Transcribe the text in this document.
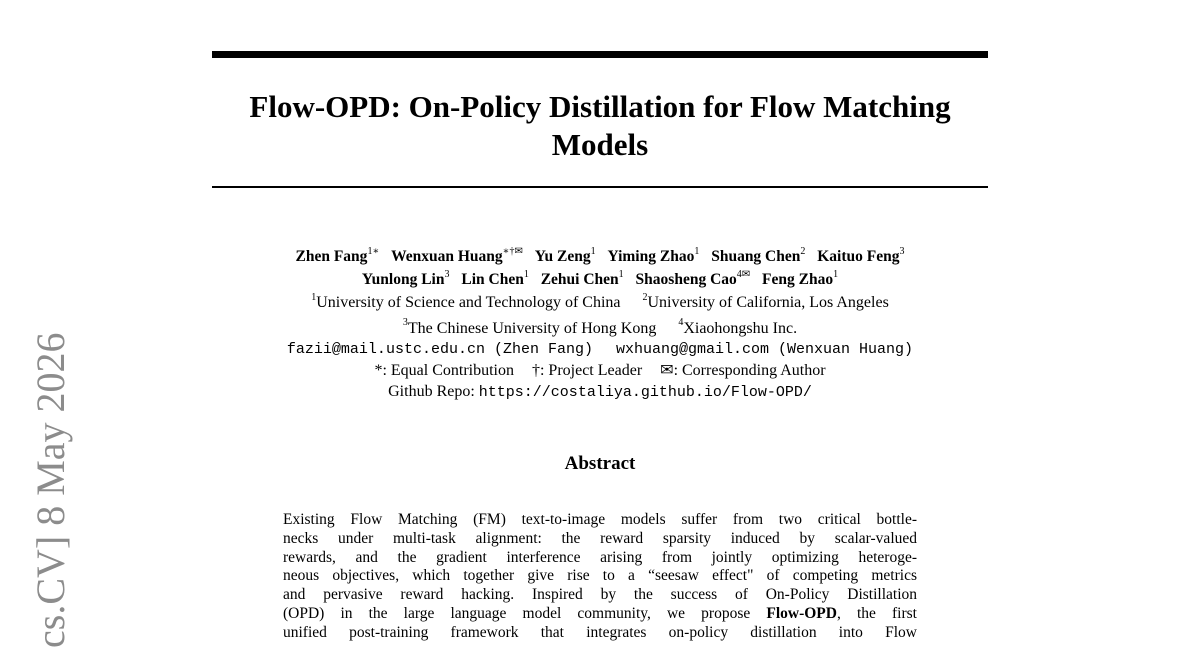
Flow-OPD: On-Policy Distillation for Flow Matching
Models
Zhen Fang$^{1∗}$ Wenxuan Huang∗†✉ Yu Zeng$^1$ Yiming Zhao$^1$ Shuang Chen$^2$ Kaituo Feng$^3$
Yunlong Lin$^3$ Lin Chen$^1$ Zehui Chen$^1$ Shaosheng Cao$^{4✉}$ Feng Zhao$^1$
$^1$University of Science and Technology of China $^2$University of California, Los Angeles
$^3$The Chinese University of Hong Kong $^4$Xiaohongshu Inc.
fazii@mail.ustc.edu.cn (Zhen Fang) wxhuang@gmail.com (Wenxuan Huang)
*: Equal Contribution †: Project Leader ✉: Corresponding Author
Github Repo: https://costaliya.github.io/Flow-OPD/
Abstract
Existing Flow Matching (FM) text-to-image models suffer from two critical bottle-
necks under multi-task alignment: the reward sparsity induced by scalar-valued
rewards, and the gradient interference arising from jointly optimizing heteroge-
neous objectives, which together give rise to a “seesaw effect" of competing metrics
and pervasive reward hacking. Inspired by the success of On-Policy Distillation
(OPD) in the large language model community, we propose Flow-OPD, the first
unified post-training framework that integrates on-policy distillation into Flow
cs.CV] 8 May 2026
